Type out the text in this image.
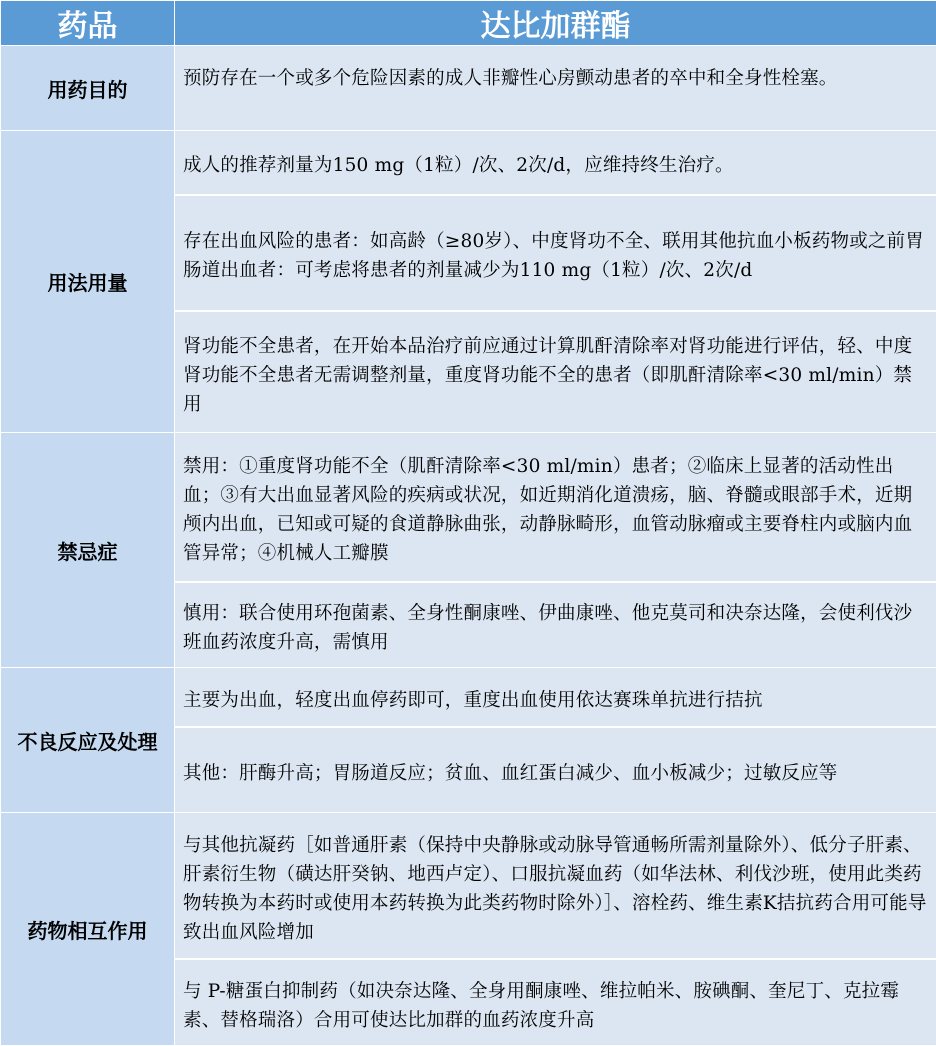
药品	达比加群酯
用药目的	预防存在一个或多个危险因素的成人非瓣性心房颤动患者的卒中和全身性栓塞。

用法用量	成人的推荐剂量为150 mg（1粒）/次、2次/d，应维持终生治疗。
存在出血风险的患者：如高龄（≥80岁）、中度肾功不全、联用其他抗血小板药物或之前胃肠道出血者：可考虑将患者的剂量减少为110 mg（1粒）/次、2次/d
肾功能不全患者，在开始本品治疗前应通过计算肌酐清除率对肾功能进行评估，轻、中度肾功能不全患者无需调整剂量，重度肾功能不全的患者（即肌酐清除率<30 ml/min）禁用

禁忌症	禁用：①重度肾功能不全（肌酐清除率<30 ml/min）患者；②临床上显著的活动性出血；③有大出血显著风险的疾病或状况，如近期消化道溃疡，脑、脊髓或眼部手术，近期颅内出血，已知或可疑的食道静脉曲张，动静脉畸形，血管动脉瘤或主要脊柱内或脑内血管异常；④机械人工瓣膜
慎用：联合使用环孢菌素、全身性酮康唑、伊曲康唑、他克莫司和决奈达隆，会使利伐沙班血药浓度升高，需慎用

不良反应及处理	主要为出血，轻度出血停药即可，重度出血使用依达赛珠单抗进行拮抗
其他：肝酶升高；胃肠道反应；贫血、血红蛋白减少、血小板减少；过敏反应等

药物相互作用	与其他抗凝药［如普通肝素（保持中央静脉或动脉导管通畅所需剂量除外）、低分子肝素、肝素衍生物（磺达肝癸钠、地西卢定）、口服抗凝血药（如华法林、利伐沙班，使用此类药物转换为本药时或使用本药转换为此类药物时除外）］、溶栓药、维生素K拮抗药合用可能导致出血风险增加
与 P-糖蛋白抑制药（如决奈达隆、全身用酮康唑、维拉帕米、胺碘酮、奎尼丁、克拉霉素、替格瑞洛）合用可使达比加群的血药浓度升高
